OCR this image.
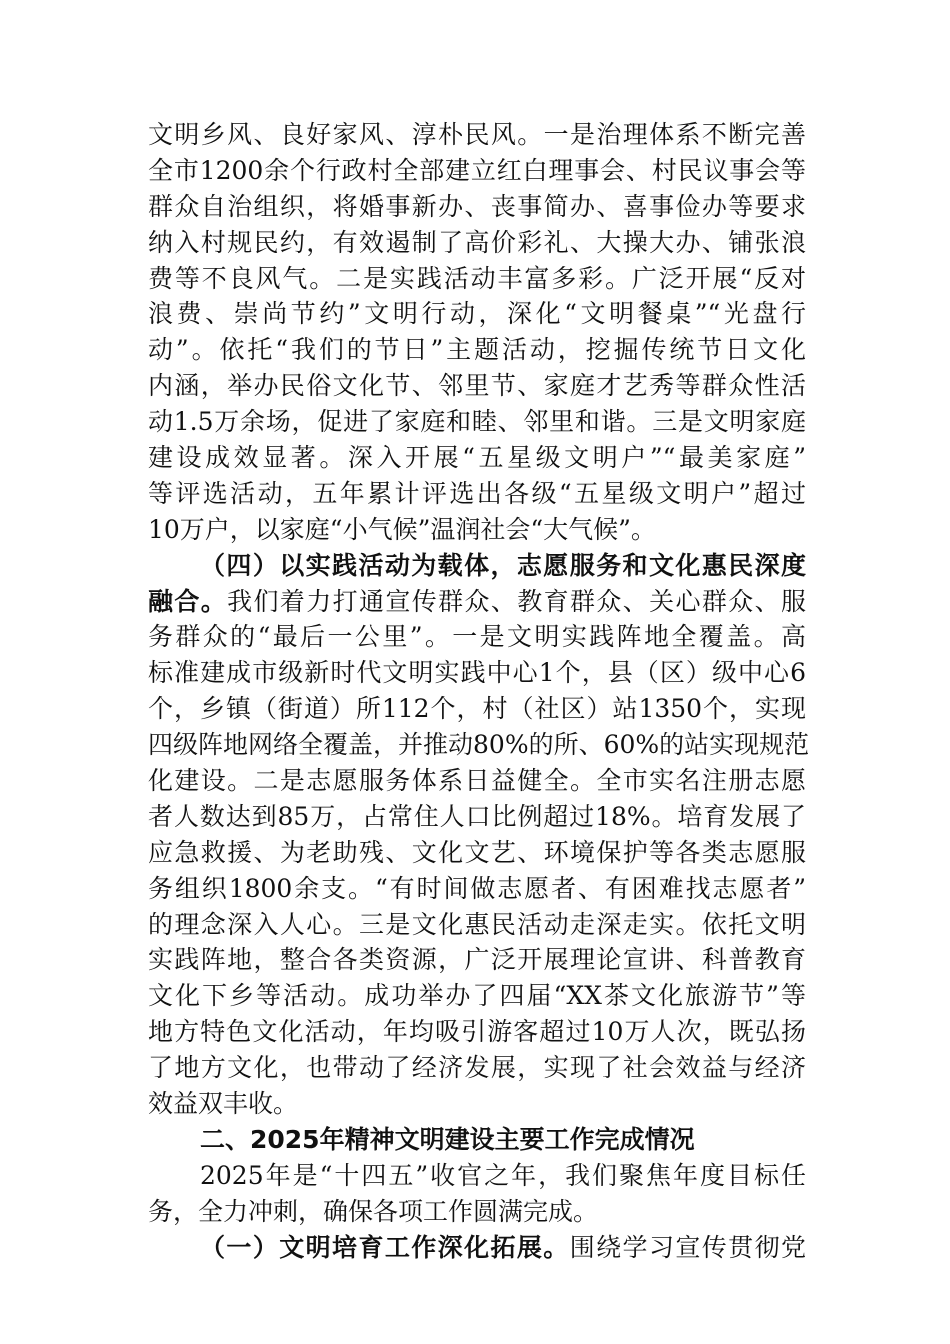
文明乡风、良好家风、淳朴民风。一是治理体系不断完善
全市1200余个行政村全部建立红白理事会、村民议事会等
群众自治组织，将婚事新办、丧事简办、喜事俭办等要求
纳入村规民约，有效遏制了高价彩礼、大操大办、铺张浪
费等不良风气。二是实践活动丰富多彩。广泛开展“反对
浪费、崇尚节约”文明行动，深化“文明餐桌”“光盘行
动”。依托“我们的节日”主题活动，挖掘传统节日文化
内涵，举办民俗文化节、邻里节、家庭才艺秀等群众性活
动1.5万余场，促进了家庭和睦、邻里和谐。三是文明家庭
建设成效显著。深入开展“五星级文明户”“最美家庭”
等评选活动，五年累计评选出各级“五星级文明户”超过
10万户，以家庭“小气候”温润社会“大气候”。
（四）以实践活动为载体，志愿服务和文化惠民深度
融合。我们着力打通宣传群众、教育群众、关心群众、服
务群众的“最后一公里”。一是文明实践阵地全覆盖。高
标准建成市级新时代文明实践中心1个，县（区）级中心6
个，乡镇（街道）所112个，村（社区）站1350个，实现
四级阵地网络全覆盖，并推动80%的所、60%的站实现规范
化建设。二是志愿服务体系日益健全。全市实名注册志愿
者人数达到85万，占常住人口比例超过18%。培育发展了
应急救援、为老助残、文化文艺、环境保护等各类志愿服
务组织1800余支。“有时间做志愿者、有困难找志愿者”
的理念深入人心。三是文化惠民活动走深走实。依托文明
实践阵地，整合各类资源，广泛开展理论宣讲、科普教育
文化下乡等活动。成功举办了四届“XX茶文化旅游节”等
地方特色文化活动，年均吸引游客超过10万人次，既弘扬
了地方文化，也带动了经济发展，实现了社会效益与经济
效益双丰收。
二、2025年精神文明建设主要工作完成情况
2025年是“十四五”收官之年，我们聚焦年度目标任
务，全力冲刺，确保各项工作圆满完成。
（一）文明培育工作深化拓展。围绕学习宣传贯彻党
